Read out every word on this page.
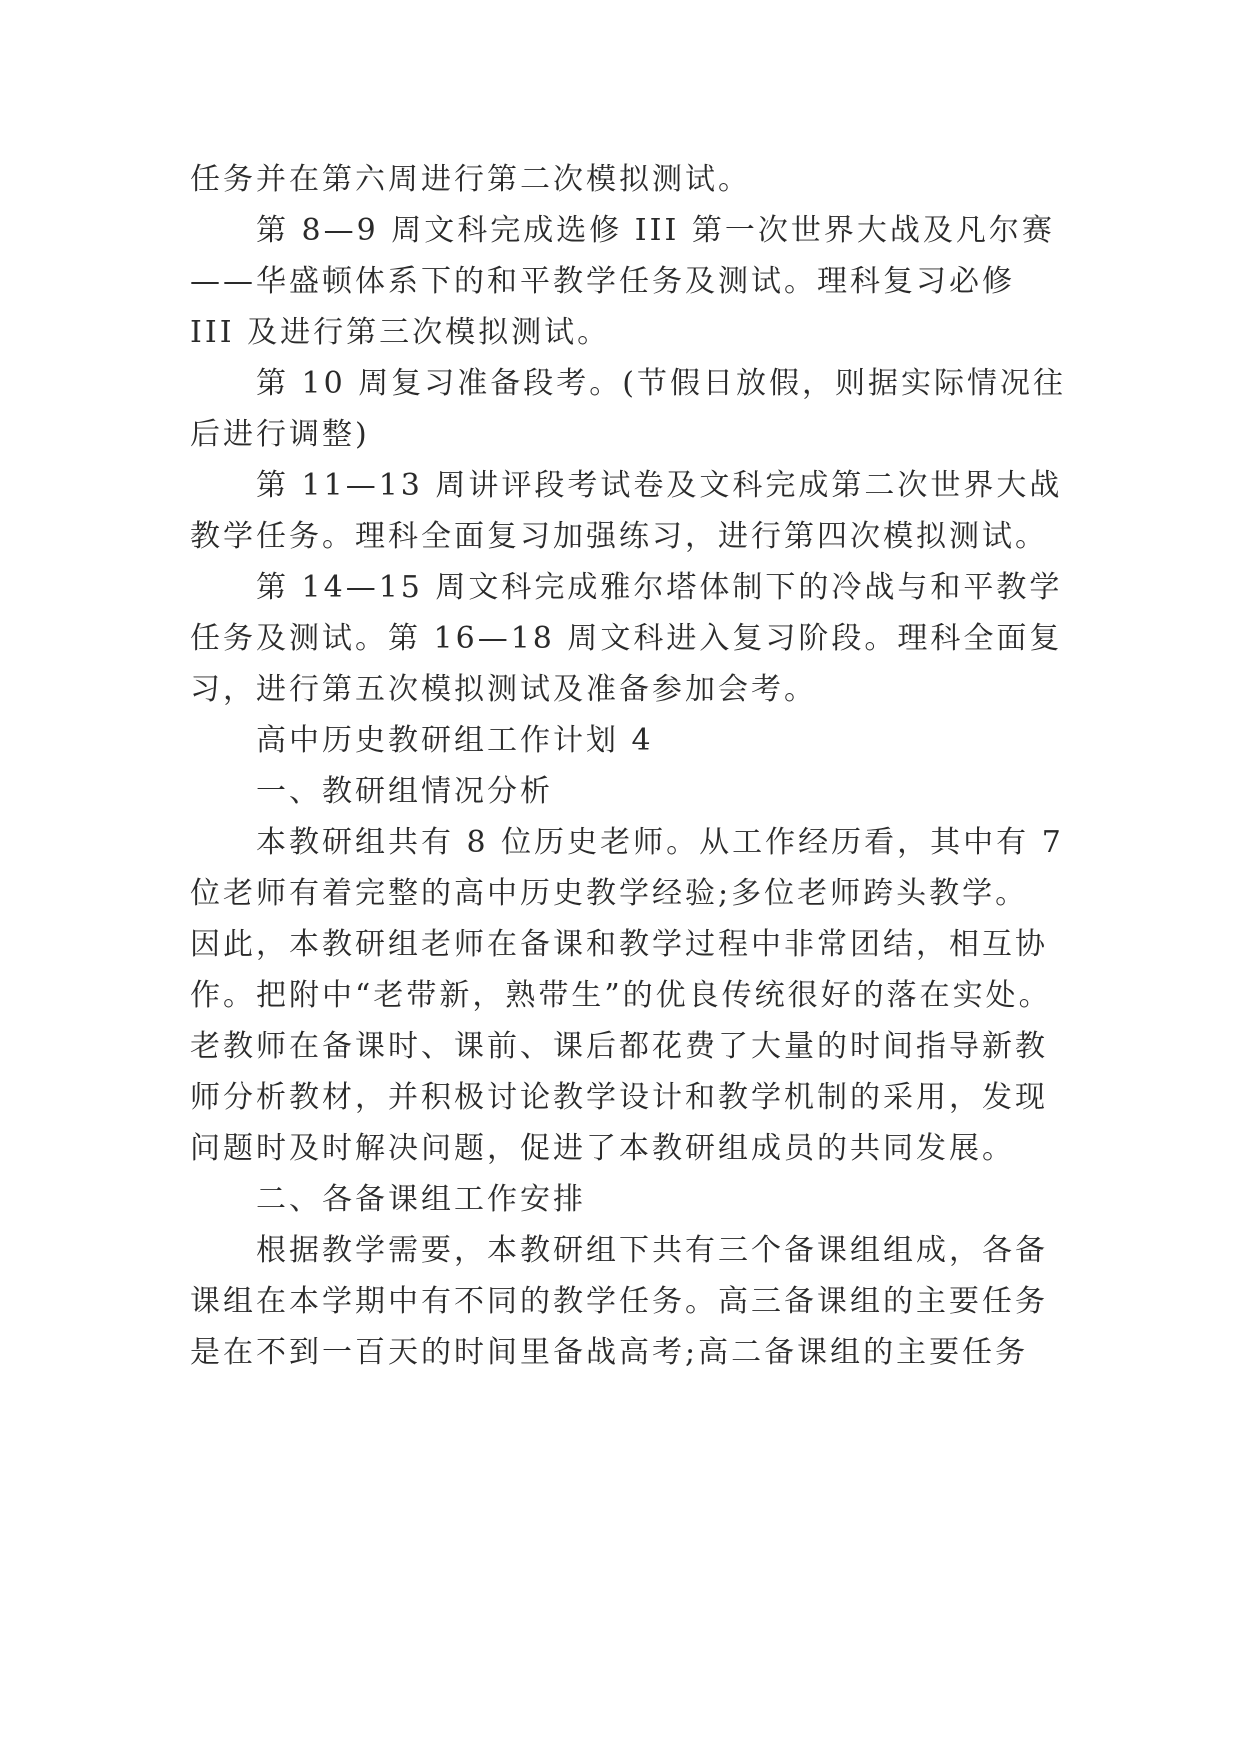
任务并在第六周进行第二次模拟测试。
第 8—9 周文科完成选修 III 第一次世界大战及凡尔赛
——华盛顿体系下的和平教学任务及测试。理科复习必修
III 及进行第三次模拟测试。
第 10 周复习准备段考。(节假日放假，则据实际情况往
后进行调整)
第 11—13 周讲评段考试卷及文科完成第二次世界大战
教学任务。理科全面复习加强练习，进行第四次模拟测试。
第 14—15 周文科完成雅尔塔体制下的冷战与和平教学
任务及测试。第 16—18 周文科进入复习阶段。理科全面复
习，进行第五次模拟测试及准备参加会考。
高中历史教研组工作计划 4
一、教研组情况分析
本教研组共有 8 位历史老师。从工作经历看，其中有 7
位老师有着完整的高中历史教学经验;多位老师跨头教学。
因此，本教研组老师在备课和教学过程中非常团结，相互协
作。把附中“老带新，熟带生”的优良传统很好的落在实处。
老教师在备课时、课前、课后都花费了大量的时间指导新教
师分析教材，并积极讨论教学设计和教学机制的采用，发现
问题时及时解决问题，促进了本教研组成员的共同发展。
二、各备课组工作安排
根据教学需要，本教研组下共有三个备课组组成，各备
课组在本学期中有不同的教学任务。高三备课组的主要任务
是在不到一百天的时间里备战高考;高二备课组的主要任务
